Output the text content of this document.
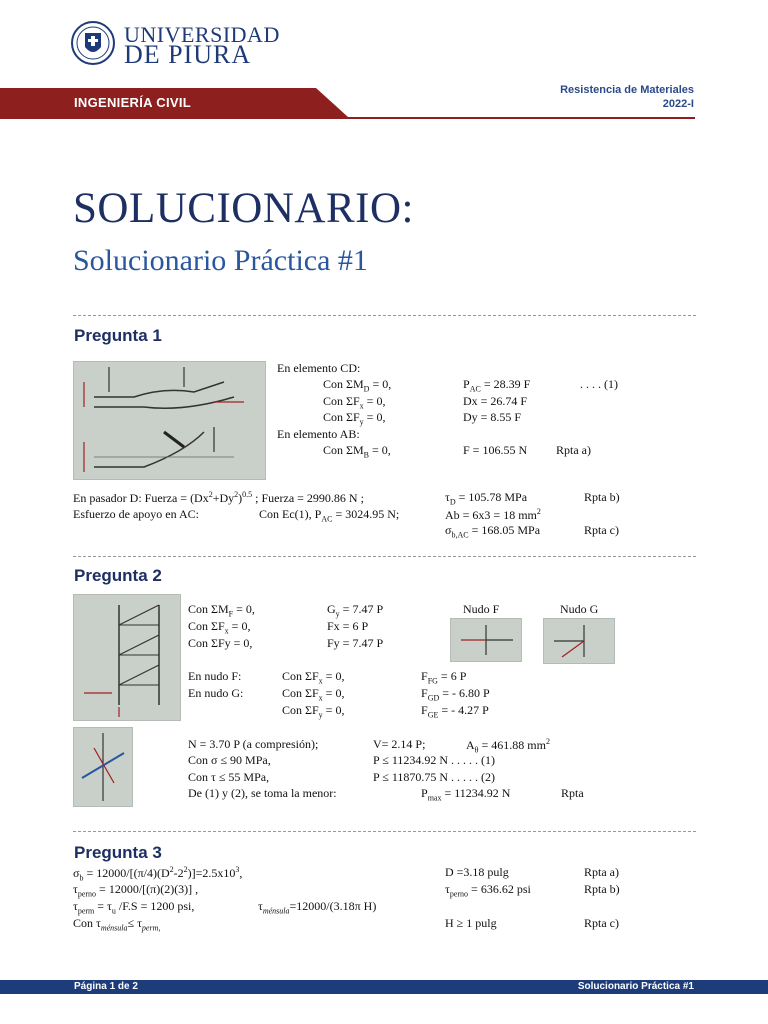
UNIVERSIDAD
DE PIURA
Resistencia de Materiales
2022-I
INGENIERÍA CIVIL
SOLUCIONARIO:
Solucionario Práctica #1
Pregunta 1
En elemento CD:
Con $\Sigma M_D = 0$,	$P_{AC} = 28.39$ F	. . . . (1)
Con $\Sigma F_x = 0$,	Dx = 26.74 F
Con $\Sigma F_y = 0$,	Dy = 8.55 F
En elemento AB:
Con $\Sigma M_B = 0$,	F = 106.55 N Rpta a)
En pasador D: Fuerza = $(Dx^2+Dy^2)^{0.5}$ ; Fuerza = 2990.86 N ;	$\tau_D = 105.78$ MPa	Rpta b)
Esfuerzo de apoyo en AC:	Con Ec(1), $P_{AC} = 3024.95$ N;	Ab = 6x3 = 18 $mm^2$
$\sigma_{b,AC} = 168.05$ MPa	Rpta c)
Pregunta 2
Con $\Sigma M_F = 0$,	$G_y = 7.47$ P	Nudo F	Nudo G
Con $\Sigma F_x = 0$,	Fx = 6 P
Con ΣFy = 0,	Fy = 7.47 P
En nudo F:	Con $\Sigma F_x = 0$,	$F_{FG} = 6$ P
En nudo G:	Con $\Sigma F_x = 0$,	$F_{GD}$ = - 6.80 P
Con $\Sigma F_y = 0$,	$F_{GE}$ = - 4.27 P
N = 3.70 P (a compresión);	V= 2.14 P;	$A_\theta = 461.88$ $mm^2$
Con σ ≤ 90 MPa,	P ≤ 11234.92 N . . . . . (1)
Con τ ≤ 55 MPa,	P ≤ 11870.75 N . . . . . (2)
De (1) y (2), se toma la menor:	$P_{max} = 11234.92$ N	Rpta
Pregunta 3
$\sigma_b = 12000/[(\pi/4)(D^2-2^2)]=2.5x10^3$,	D =3.18 pulg	Rpta a)
$\tau_{perno} = 12000/[(\pi)(2)(3)]$ ,	$\tau_{perno} = 636.62$ psi	Rpta b)
$\tau_{perm} = \tau_u$ /F.S = 1200 psi,	$\tau_{ménsula}=12000/(3.18\pi$ H)
Con $\tau_{ménsula}\le \tau_{perm,}$	H ≥ 1 pulg	Rpta c)
Página 1 de 2	Solucionario Práctica #1
